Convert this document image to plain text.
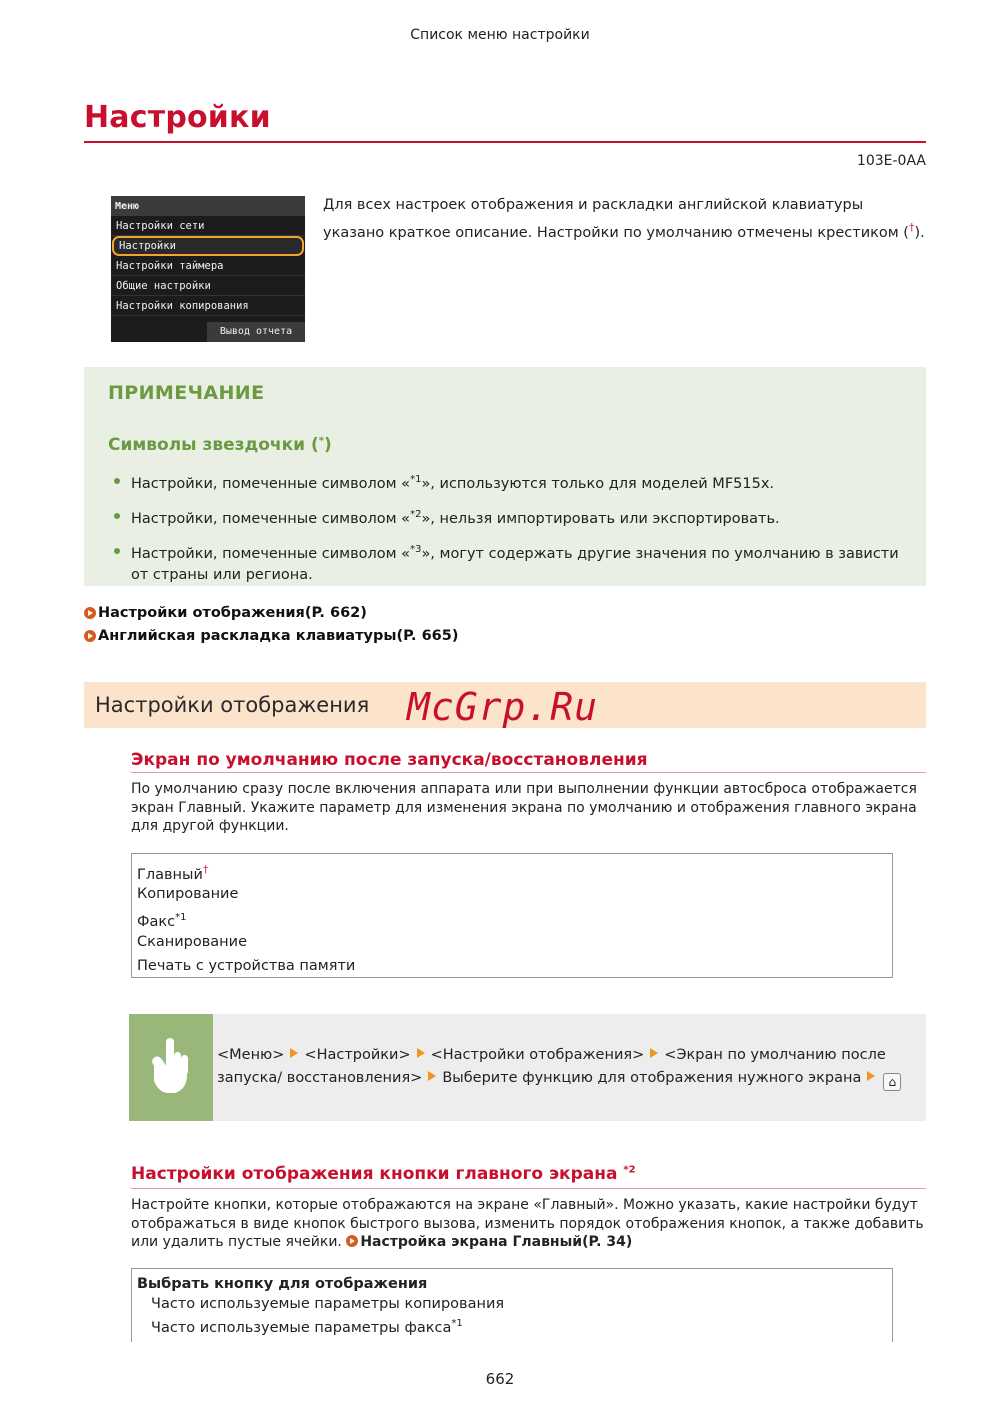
Список меню настройки
Настройки
103E-0AA
Меню
Настройки сети
Настройки
Настройки таймера
Общие настройки
Настройки копирования
Вывод отчета
Для всех настроек отображения и раскладки английской клавиатуры указано краткое описание. Настройки по умолчанию отмечены крестиком (†).
ПРИМЕЧАНИЕ
Символы звездочки (*)
Настройки, помеченные символом «$^{*1}$», используются только для моделей MF515x.
Настройки, помеченные символом «$^{*2}$», нельзя импортировать или экспортировать.
Настройки, помеченные символом «$^{*3}$», могут содержать другие значения по умолчанию в зависти от страны или региона.
Настройки отображения(P. 662)
Английская раскладка клавиатуры(P. 665)
Настройки отображения McGrp.Ru
Экран по умолчанию после запуска/восстановления
По умолчанию сразу после включения аппарата или при выполнении функции автосброса отображается экран Главный. Укажите параметр для изменения экрана по умолчанию и отображения главного экрана для другой функции.
Главный†
Копирование
Факс$^{*1}$
Сканирование
Печать с устройства памяти
<Меню> <Настройки> <Настройки отображения> <Экран по умолчанию после запуска/ восстановления> Выберите функцию для отображения нужного экрана ⌂
Настройки отображения кнопки главного экрана $^{*2}$
Настройте кнопки, которые отображаются на экране «Главный». Можно указать, какие настройки будут отображаться в виде кнопок быстрого вызова, изменить порядок отображения кнопок, а также добавить или удалить пустые ячейки. Настройка экрана Главный(P. 34)
Выбрать кнопку для отображения
Часто используемые параметры копирования
Часто используемые параметры факса$^{*1}$
662
